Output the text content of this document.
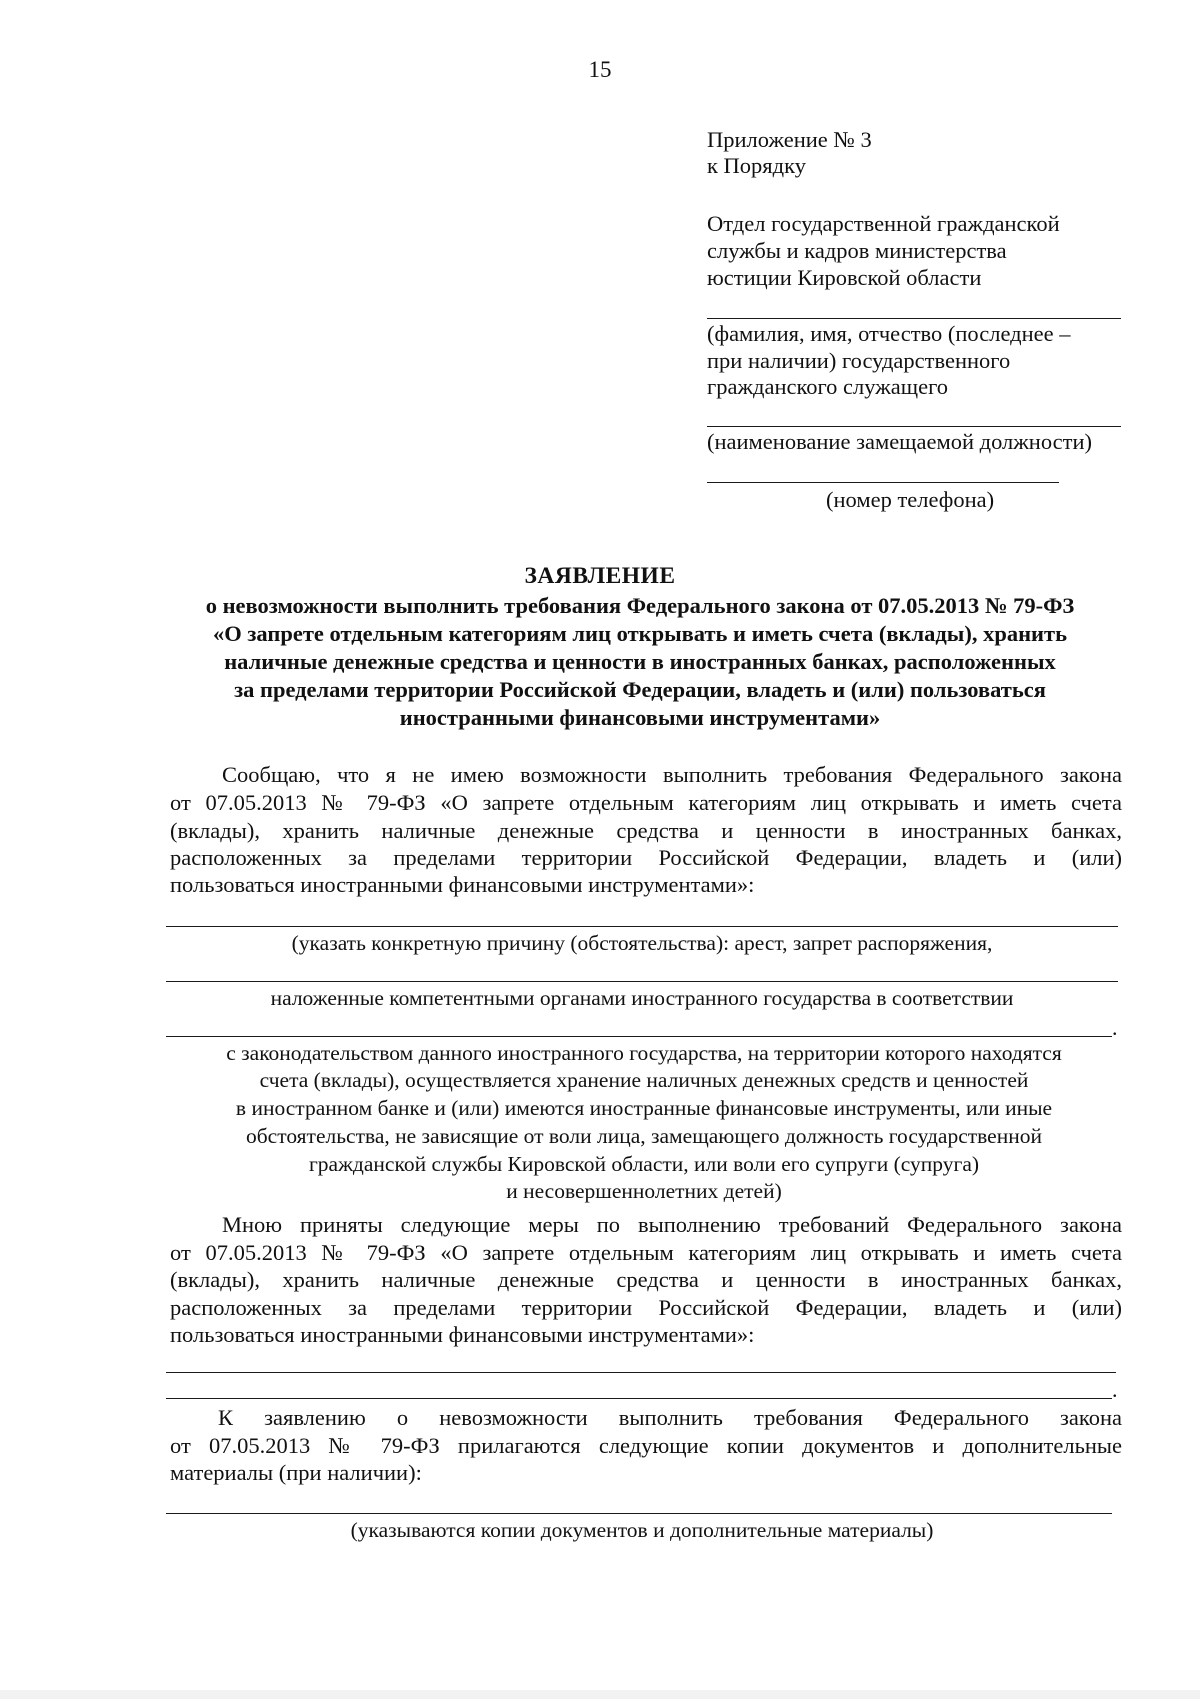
15
Приложение № 3
к Порядку
Отдел государственной гражданской
службы и кадров министерства
юстиции Кировской области
(фамилия, имя, отчество (последнее –
при наличии) государственного
гражданского служащего
(наименование замещаемой должности)
(номер телефона)
ЗАЯВЛЕНИЕ
о невозможности выполнить требования Федерального закона от 07.05.2013 № 79-ФЗ
«О запрете отдельным категориям лиц открывать и иметь счета (вклады), хранить
наличные денежные средства и ценности в иностранных банках, расположенных
за пределами территории Российской Федерации, владеть и (или) пользоваться
иностранными финансовыми инструментами»
Сообщаю, что я не имею возможности выполнить требования Федерального закона
от 07.05.2013 № 79-ФЗ «О запрете отдельным категориям лиц открывать и иметь счета
(вклады), хранить наличные денежные средства и ценности в иностранных банках,
расположенных за пределами территории Российской Федерации, владеть и (или)
пользоваться иностранными финансовыми инструментами»:
(указать конкретную причину (обстоятельства): арест, запрет распоряжения,
наложенные компетентными органами иностранного государства в соответствии
.
с законодательством данного иностранного государства, на территории которого находятся
счета (вклады), осуществляется хранение наличных денежных средств и ценностей
в иностранном банке и (или) имеются иностранные финансовые инструменты, или иные
обстоятельства, не зависящие от воли лица, замещающего должность государственной
гражданской службы Кировской области, или воли его супруги (супруга)
и несовершеннолетних детей)
Мною приняты следующие меры по выполнению требований Федерального закона
от 07.05.2013 № 79-ФЗ «О запрете отдельным категориям лиц открывать и иметь счета
(вклады), хранить наличные денежные средства и ценности в иностранных банках,
расположенных за пределами территории Российской Федерации, владеть и (или)
пользоваться иностранными финансовыми инструментами»:
.
К заявлению о невозможности выполнить требования Федерального закона
от 07.05.2013 № 79-ФЗ прилагаются следующие копии документов и дополнительные
материалы (при наличии):
(указываются копии документов и дополнительные материалы)
